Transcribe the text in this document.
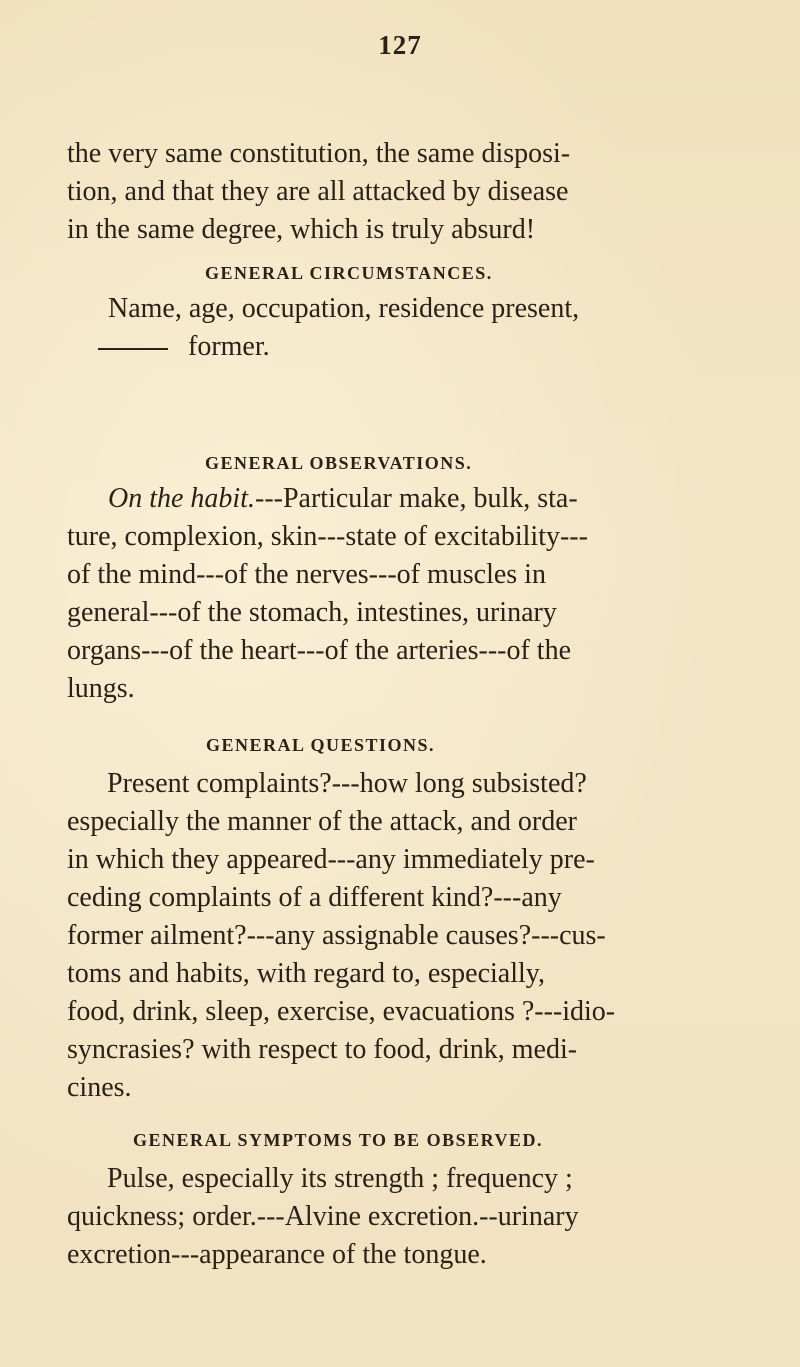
127
the very same constitution, the same disposi-
tion, and that they are all attacked by disease
in the same degree, which is truly absurd!
GENERAL CIRCUMSTANCES.
Name, age, occupation, residence present,
former.
GENERAL OBSERVATIONS.
On the habit.---Particular make, bulk, sta-
ture, complexion, skin---state of excitability---
of the mind---of the nerves---of muscles in
general---of the stomach, intestines, urinary
organs---of the heart---of the arteries---of the
lungs.
GENERAL QUESTIONS.
Present complaints?---how long subsisted?
especially the manner of the attack, and order
in which they appeared---any immediately pre-
ceding complaints of a different kind?---any
former ailment?---any assignable causes?---cus-
toms and habits, with regard to, especially,
food, drink, sleep, exercise, evacuations ?---idio-
syncrasies? with respect to food, drink, medi-
cines.
GENERAL SYMPTOMS TO BE OBSERVED.
Pulse, especially its strength ; frequency ;
quickness; order.---Alvine excretion.--urinary
excretion---appearance of the tongue.
